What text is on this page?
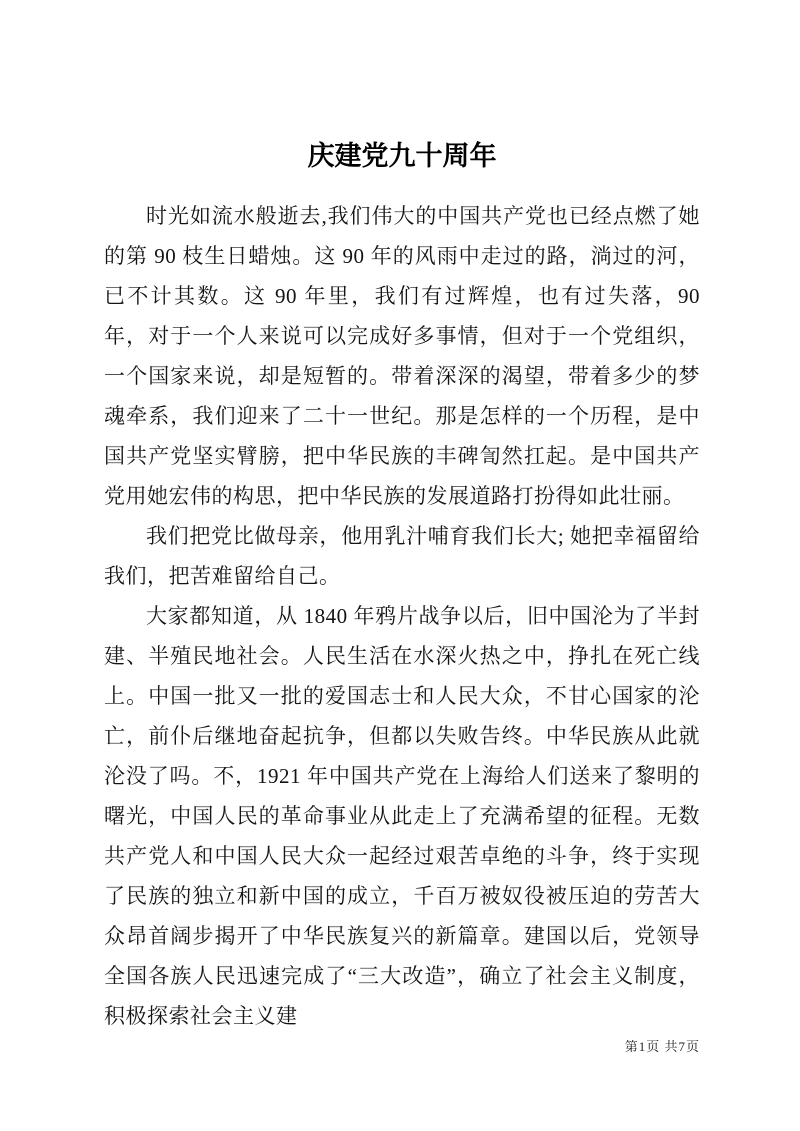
庆建党九十周年

时光如流水般逝去,我们伟大的中国共产党也已经点燃了她的第 90 枝生日蜡烛。这 90 年的风雨中走过的路，淌过的河，已不计其数。这 90 年里，我们有过辉煌，也有过失落，90 年，对于一个人来说可以完成好多事情，但对于一个党组织，一个国家来说，却是短暂的。带着深深的渴望，带着多少的梦魂牵系，我们迎来了二十一世纪。那是怎样的一个历程，是中国共产党坚实臂膀，把中华民族的丰碑訇然扛起。是中国共产党用她宏伟的构思，把中华民族的发展道路打扮得如此壮丽。

我们把党比做母亲，他用乳汁哺育我们长大; 她把幸福留给我们，把苦难留给自己。

大家都知道，从 1840 年鸦片战争以后，旧中国沦为了半封建、半殖民地社会。人民生活在水深火热之中，挣扎在死亡线上。中国一批又一批的爱国志士和人民大众，不甘心国家的沦亡，前仆后继地奋起抗争，但都以失败告终。中华民族从此就沦没了吗。不，1921 年中国共产党在上海给人们送来了黎明的曙光，中国人民的革命事业从此走上了充满希望的征程。无数共产党人和中国人民大众一起经过艰苦卓绝的斗争，终于实现了民族的独立和新中国的成立，千百万被奴役被压迫的劳苦大众昂首阔步揭开了中华民族复兴的新篇章。建国以后，党领导全国各族人民迅速完成了“三大改造”，确立了社会主义制度，积极探索社会主义建

第1页 共7页
